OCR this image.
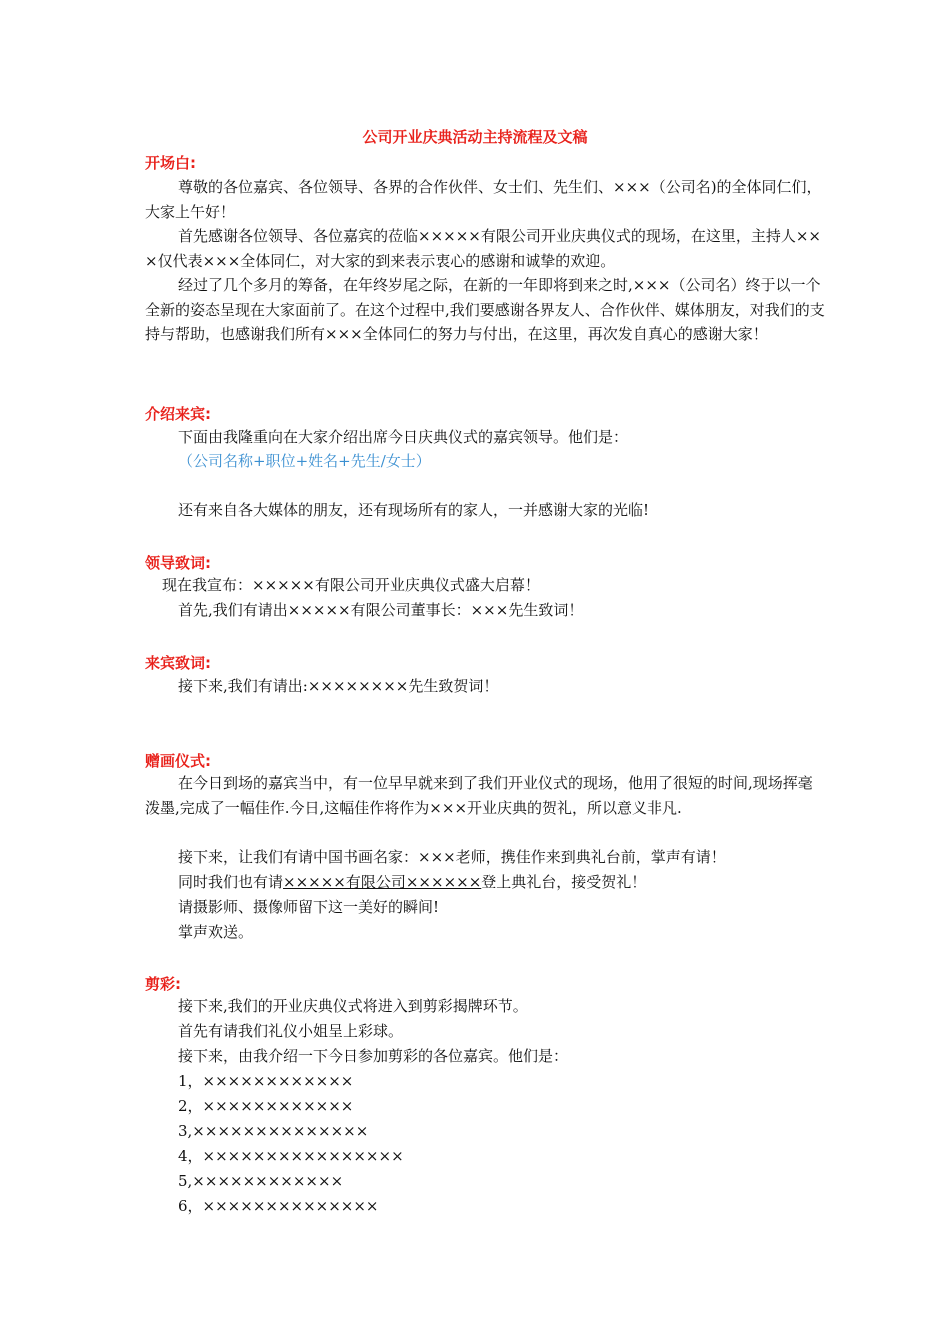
公司开业庆典活动主持流程及文稿
开场白:
尊敬的各位嘉宾、各位领导、各界的合作伙伴、女士们、先生们、×××（公司名)的全体同仁们，大家上午好！
首先感谢各位领导、各位嘉宾的莅临×××××有限公司开业庆典仪式的现场，在这里，主持人×××仅代表×××全体同仁，对大家的到来表示衷心的感谢和诚挚的欢迎。
经过了几个多月的筹备，在年终岁尾之际，在新的一年即将到来之时,×××（公司名）终于以一个全新的姿态呈现在大家面前了。在这个过程中,我们要感谢各界友人、合作伙伴、媒体朋友，对我们的支持与帮助，也感谢我们所有×××全体同仁的努力与付出，在这里，再次发自真心的感谢大家！
介绍来宾:
下面由我隆重向在大家介绍出席今日庆典仪式的嘉宾领导。他们是：
（公司名称+职位+姓名+先生/女士）
还有来自各大媒体的朋友，还有现场所有的家人，一并感谢大家的光临!
领导致词:
现在我宣布：×××××有限公司开业庆典仪式盛大启幕！
首先,我们有请出×××××有限公司董事长：×××先生致词！
来宾致词:
接下来,我们有请出:××××××××先生致贺词！
赠画仪式:
在今日到场的嘉宾当中，有一位早早就来到了我们开业仪式的现场，他用了很短的时间,现场挥毫泼墨,完成了一幅佳作.今日,这幅佳作将作为×××开业庆典的贺礼，所以意义非凡.
接下来，让我们有请中国书画名家：×××老师，携佳作来到典礼台前，掌声有请！
同时我们也有请×××××有限公司××××××登上典礼台，接受贺礼！
请摄影师、摄像师留下这一美好的瞬间!
掌声欢送。
剪彩:
接下来,我们的开业庆典仪式将进入到剪彩揭牌环节。
首先有请我们礼仪小姐呈上彩球。
接下来，由我介绍一下今日参加剪彩的各位嘉宾。他们是：
1，××××××××××××
2，××××××××××××
3,××××××××××××××
4，××××××××××××××××
5,××××××××××××
6，××××××××××××××
